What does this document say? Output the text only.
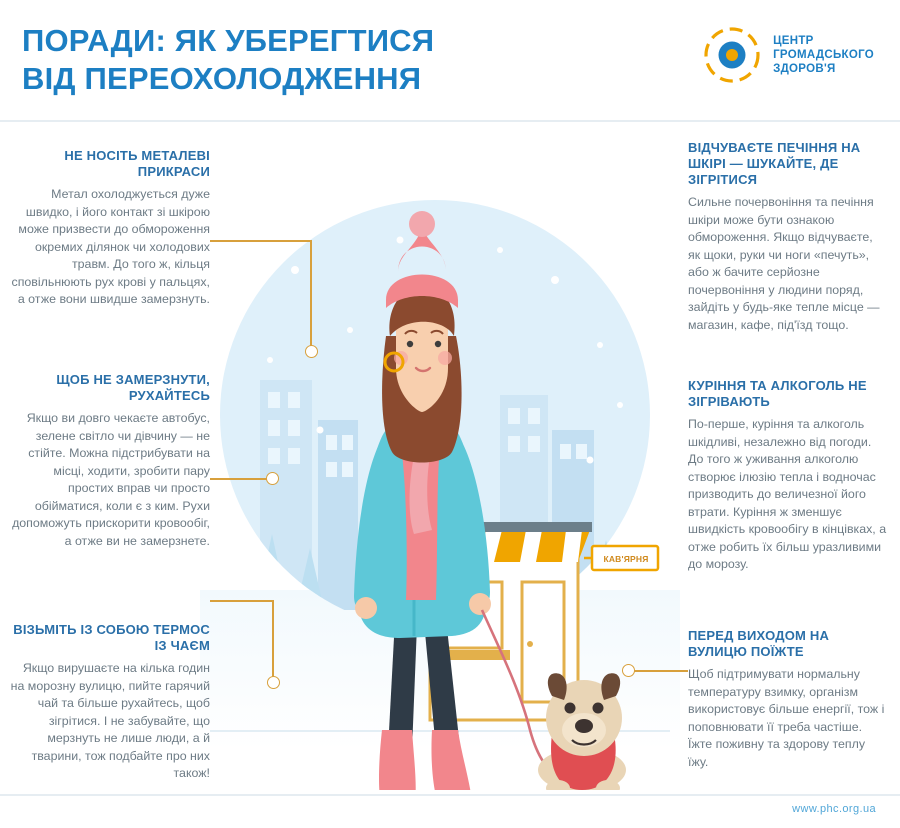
ПОРАДИ: ЯК УБЕРЕГТИСЯ
ВІД ПЕРЕОХОЛОДЖЕННЯ
ЦЕНТР
ГРОМАДСЬКОГО
ЗДОРОВ'Я
КАВ'ЯРНЯ
НЕ НОСІТЬ МЕТАЛЕВІ ПРИКРАСИ

Метал охолоджується дуже швидко, і його контакт зі шкірою може призвести до обмороження окремих ділянок чи холодових травм. До того ж, кільця сповільнюють рух крові у пальцях, а отже вони швидше замерзнуть.

ЩОБ НЕ ЗАМЕРЗНУТИ, РУХАЙТЕСЬ

Якщо ви довго чекаєте автобус, зелене світло чи дівчину — не стійте. Можна підстрибувати на місці, ходити, зробити пару простих вправ чи просто обійматися, коли є з ким. Рухи допоможуть прискорити кровообіг, а отже ви не замерзнете.

ВІЗЬМІТЬ ІЗ СОБОЮ ТЕРМОС ІЗ ЧАЄМ

Якщо вирушаєте на кілька годин на морозну вулицю, пийте гарячий чай та більше рухайтесь, щоб зігрітися. І не забувайте, що мерзнуть не лише люди, а й тварини, тож подбайте про них також!

ВІДЧУВАЄТЕ ПЕЧІННЯ НА ШКІРІ — ШУКАЙТЕ, ДЕ ЗІГРІТИСЯ

Сильне почервоніння та печіння шкіри може бути ознакою обмороження. Якщо відчуваєте, як щоки, руки чи ноги «печуть», або ж бачите серйозне почервоніння у людини поряд, зайдіть у будь-яке тепле місце — магазин, кафе, під'їзд тощо.

КУРІННЯ ТА АЛКОГОЛЬ НЕ ЗІГРІВАЮТЬ

По-перше, куріння та алкоголь шкідливі, незалежно від погоди. До того ж уживання алкоголю створює ілюзію тепла і водночас призводить до величезної його втрати. Куріння ж зменшує швидкість кровообігу в кінцівках, а отже робить їх більш уразливими до морозу.

ПЕРЕД ВИХОДОМ НА ВУЛИЦЮ ПОЇЖТЕ

Щоб підтримувати нормальну температуру взимку, організм використовує більше енергії, тож і поповнювати її треба частіше. Їжте поживну та здорову теплу їжу.

www.phc.org.ua
